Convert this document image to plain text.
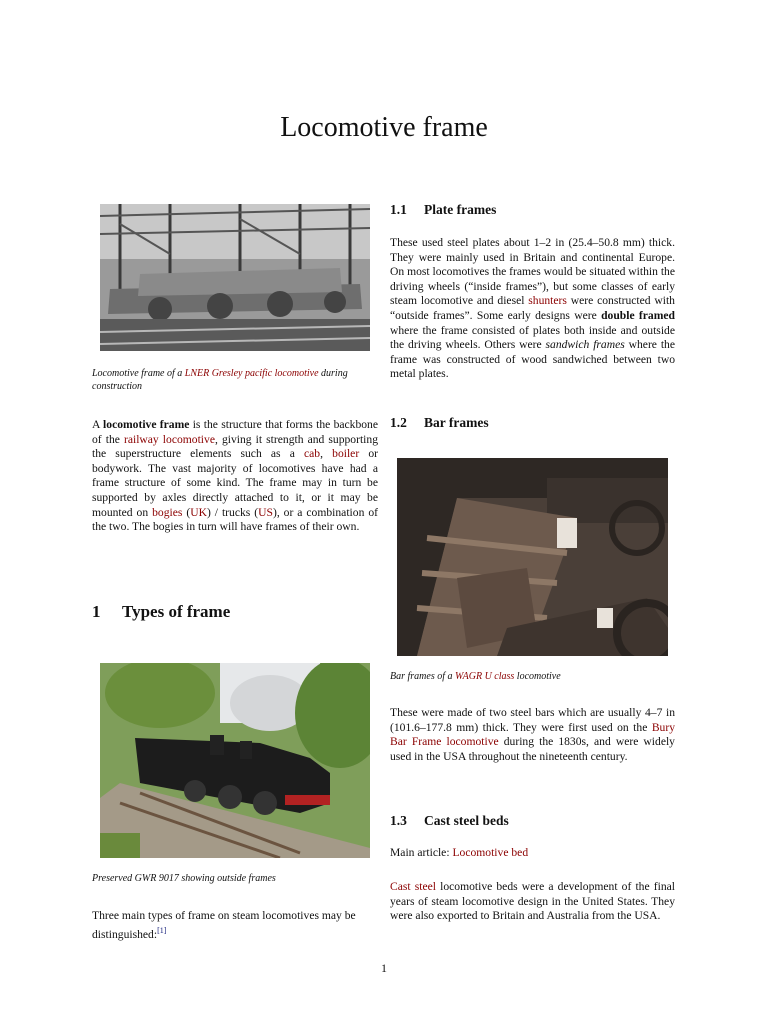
Locomotive frame

Locomotive frame of a LNER Gresley pacific locomotive during construction

A locomotive frame is the structure that forms the backbone of the railway locomotive, giving it strength and supporting the superstructure elements such as a cab, boiler or bodywork. The vast majority of locomotives have had a frame structure of some kind. The frame may in turn be supported by axles directly attached to it, or it may be mounted on bogies (UK) / trucks (US), or a combination of the two. The bogies in turn will have frames of their own.

1 Types of frame

Preserved GWR 9017 showing outside frames

Three main types of frame on steam locomotives may be distinguished:[1]

1.1 Plate frames

These used steel plates about 1–2 in (25.4–50.8 mm) thick. They were mainly used in Britain and continental Europe. On most locomotives the frames would be situated within the driving wheels (“inside frames”), but some classes of early steam locomotive and diesel shunters were constructed with “outside frames”. Some early designs were double framed where the frame consisted of plates both inside and outside the driving wheels. Others were sandwich frames where the frame was constructed of wood sandwiched between two metal plates.

1.2 Bar frames

Bar frames of a WAGR U class locomotive

These were made of two steel bars which are usually 4–7 in (101.6–177.8 mm) thick. They were first used on the Bury Bar Frame locomotive during the 1830s, and were widely used in the USA throughout the nineteenth century.

1.3 Cast steel beds

Main article: Locomotive bed

Cast steel locomotive beds were a development of the final years of steam locomotive design in the United States. They were also exported to Britain and Australia from the USA.

1
